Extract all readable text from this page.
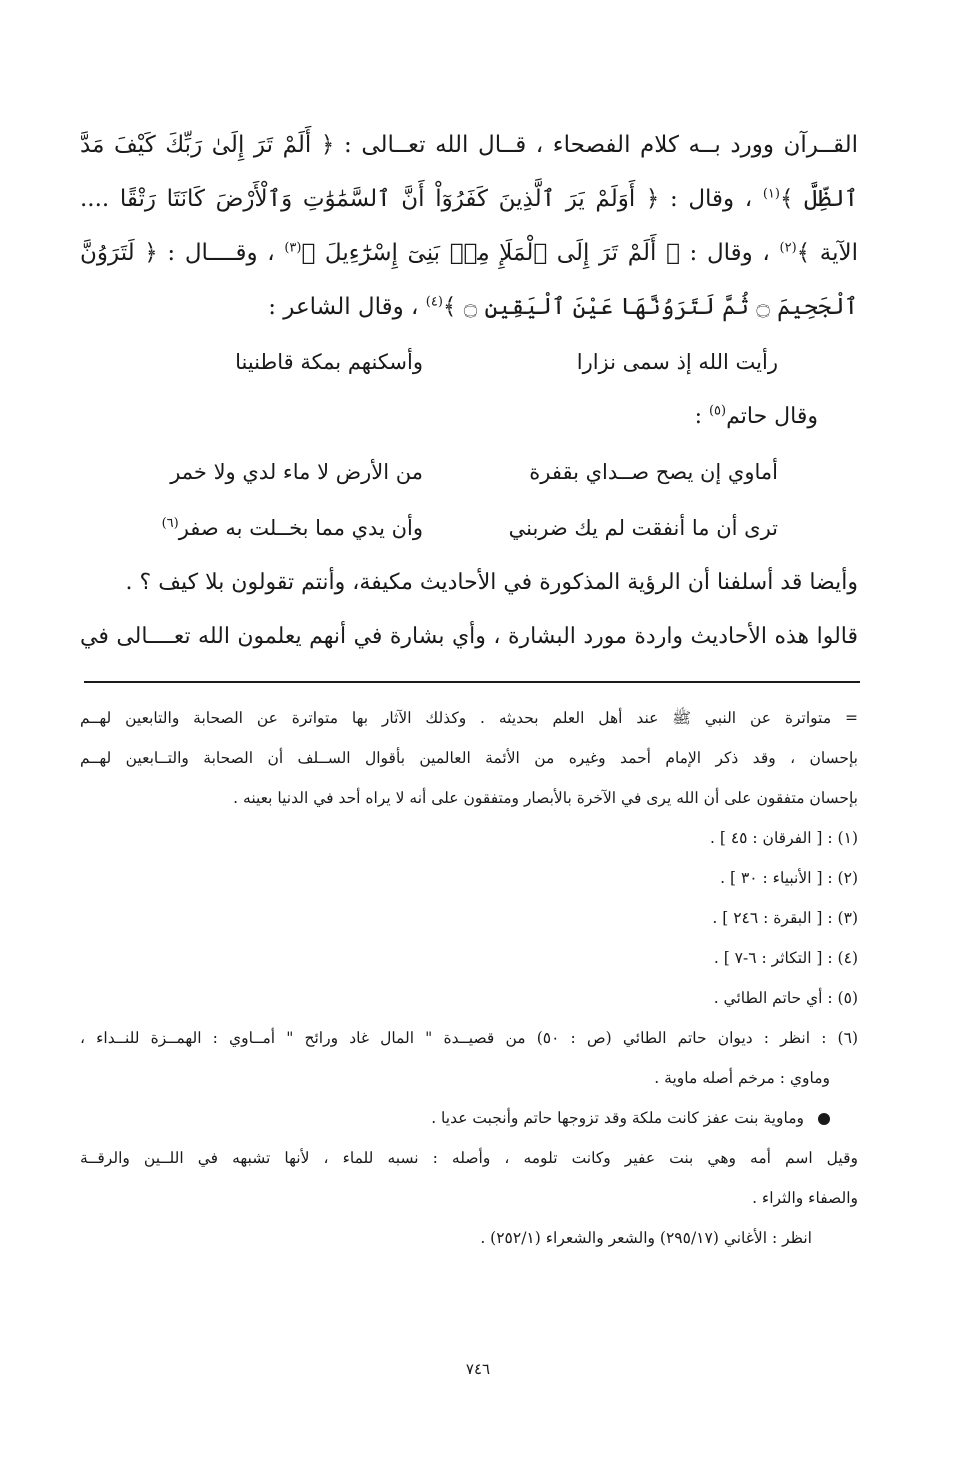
القــرآن وورد بــه كلام الفصحاء ، قــال الله تعــالى : ﴿ أَلَمْ تَرَ إِلَىٰ رَبِّكَ كَيْفَ مَدَّ
ٱلظِّلَّ ﴾$^{(١)}$ ، وقال : ﴿ أَوَلَمْ يَرَ ٱلَّذِينَ كَفَرُوٓاْ أَنَّ ٱلسَّمَٰوَٰتِ وَٱلْأَرْضَ كَانَتَا رَتْقًا ....
الآية ﴾$^{(٢)}$ ، وقال : ﴿ أَلَمْ تَرَ إِلَى ٱلْمَلَإِ مِنۢ بَنِىٓ إِسْرَٰٓءِيلَ ﴾$^{(٣)}$ ، وقــــال : ﴿ لَتَرَوُنَّ
ٱلْجَحِيمَ ۝ ثُمَّ لَتَرَوُنَّهَا عَيْنَ ٱلْيَقِينِ ۝ ﴾$^{(٤)}$ ، وقال الشاعر :
رأيت الله إذ سمى نزارا
وأسكنهم بمكة قاطنينا
وقال حاتم$^{(٥)}$ :
أماوي إن يصح صــداي بقفرة
من الأرض لا ماء لدي ولا خمر
ترى أن ما أنفقت لم يك ضربني
وأن يدي مما بخــلت به صفر$^{(٦)}$
وأيضا قد أسلفنا أن الرؤية المذكورة في الأحاديث مكيفة، وأنتم تقولون بلا كيف ؟ .
قالوا هذه الأحاديث واردة مورد البشارة ، وأي بشارة في أنهم يعلمون الله تعــــالى في
= متواترة عن النبي ﷺ عند أهل العلم بحديثه . وكذلك الآثار بها متواترة عن الصحابة والتابعين لهــم
بإحسان ، وقد ذكر الإمام أحمد وغيره من الأئمة العالمين بأقوال الســلف أن الصحابة والتــابعين لهــم
بإحسان متفقون على أن الله يرى في الآخرة بالأبصار ومتفقون على أنه لا يراه أحد في الدنيا بعينه .
(١) : [ الفرقان : ٤٥ ] .
(٢) : [ الأنبياء : ٣٠ ] .
(٣) : [ البقرة : ٢٤٦ ] .
(٤) : [ التكاثر : ٦-٧ ] .
(٥) : أي حاتم الطائي .
(٦) : انظر : ديوان حاتم الطائي (ص : ٥٠) من قصيــدة " المال غاد ورائح " أمــاوي : الهمــزة للنــداء ،
وماوي : مرخم أصله ماوية .
وماوية بنت عفز كانت ملكة وقد تزوجها حاتم وأنجبت عديا .
وقيل اسم أمه وهي بنت عفير وكانت تلومه ، وأصله : نسبه للماء ، لأنها تشبهه في اللــين والرقــة
والصفاء والثراء .
انظر : الأغاني (٢٩٥/١٧) والشعر والشعراء (٢٥٢/١) .
٧٤٦
